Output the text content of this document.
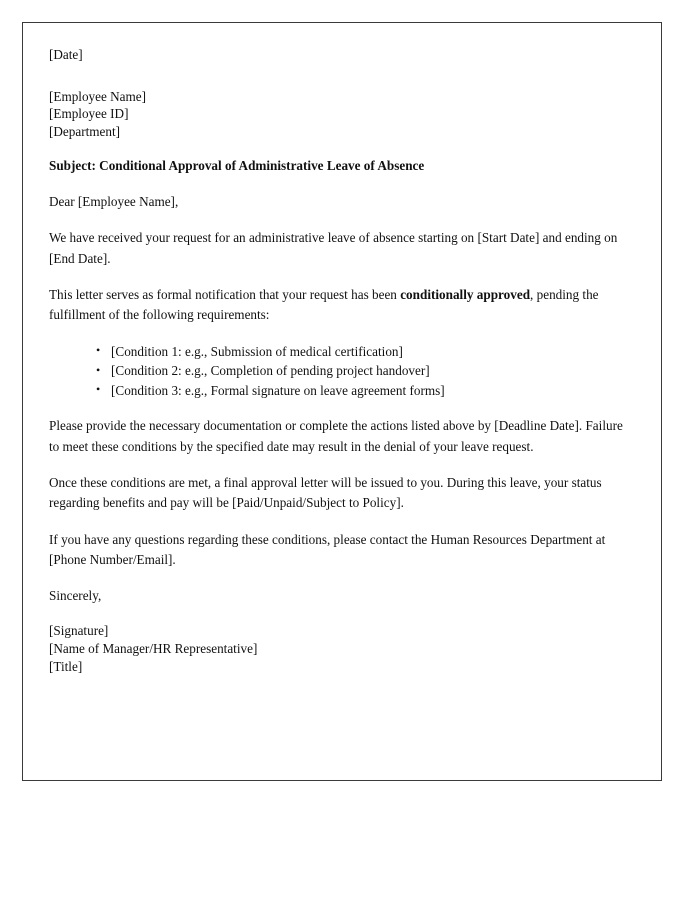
[Date]
[Employee Name]
[Employee ID]
[Department]
Subject: Conditional Approval of Administrative Leave of Absence
Dear [Employee Name],

We have received your request for an administrative leave of absence starting on [Start Date] and ending on [End Date].

This letter serves as formal notification that your request has been conditionally approved, pending the fulfillment of the following requirements:

• [Condition 1: e.g., Submission of medical certification]
• [Condition 2: e.g., Completion of pending project handover]
• [Condition 3: e.g., Formal signature on leave agreement forms]

Please provide the necessary documentation or complete the actions listed above by [Deadline Date]. Failure to meet these conditions by the specified date may result in the denial of your leave request.

Once these conditions are met, a final approval letter will be issued to you. During this leave, your status regarding benefits and pay will be [Paid/Unpaid/Subject to Policy].

If you have any questions regarding these conditions, please contact the Human Resources Department at [Phone Number/Email].

Sincerely,

[Signature]
[Name of Manager/HR Representative]
[Title]
